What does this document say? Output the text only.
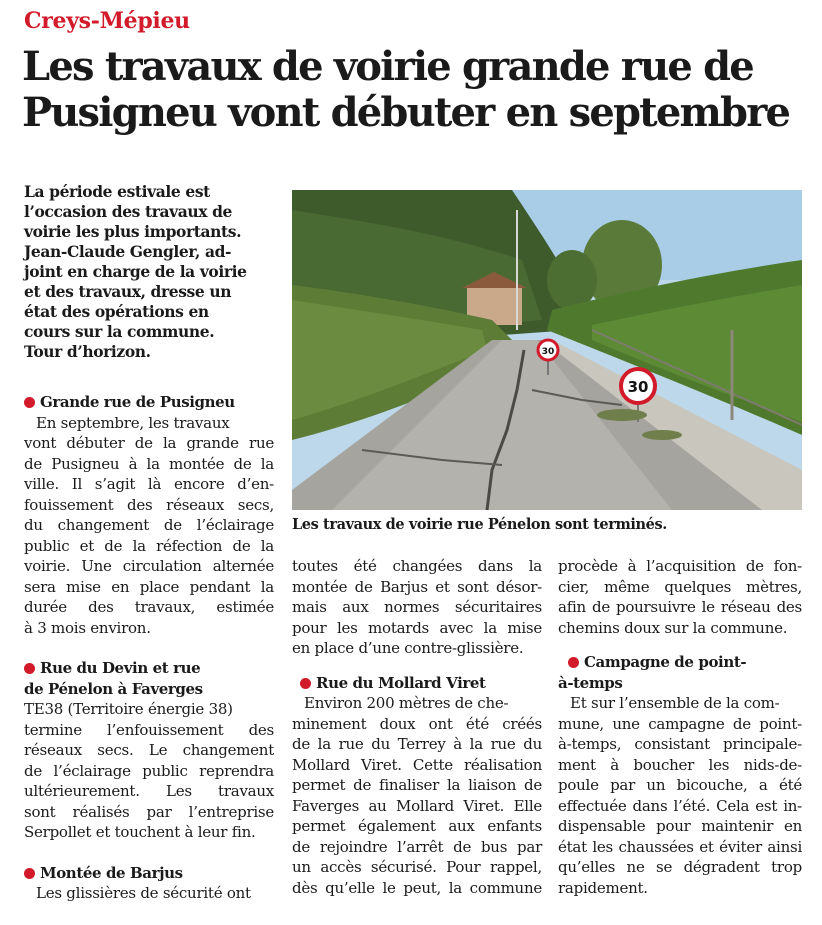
Creys-Mépieu
Les travaux de voirie grande rue de
Pusigneu vont débuter en septembre
La période estivale est
l’occasion des travaux de
voirie les plus importants.
Jean-Claude Gengler, ad-
joint en charge de la voirie
et des travaux, dresse un
état des opérations en
cours sur la commune.
Tour d’horizon.	30
30
Les travaux de voirie rue Pénelon sont terminés.
Grande rue de Pusigneu
En septembre, les travaux
vont débuter de la grande rue
de Pusigneu à la montée de la
ville. Il s’agit là encore d’en-
fouissement des réseaux secs,
du changement de l’éclairage
public et de la réfection de la
voirie. Une circulation alternée
sera mise en place pendant la
durée des travaux, estimée
à 3 mois environ.
Rue du Devin et rue
de Pénelon à Faverges
TE38 (Territoire énergie 38)
termine l’enfouissement des
réseaux secs. Le changement
de l’éclairage public reprendra
ultérieurement. Les travaux
sont réalisés par l’entreprise
Serpollet et touchent à leur fin.
Montée de Barjus
Les glissières de sécurité ont
toutes été changées dans la
montée de Barjus et sont désor-
mais aux normes sécuritaires
pour les motards avec la mise
en place d’une contre-glissière.
Rue du Mollard Viret
Environ 200 mètres de che-
minement doux ont été créés
de la rue du Terrey à la rue du
Mollard Viret. Cette réalisation
permet de finaliser la liaison de
Faverges au Mollard Viret. Elle
permet également aux enfants
de rejoindre l’arrêt de bus par
un accès sécurisé. Pour rappel,
dès qu’elle le peut, la commune
procède à l’acquisition de fon-
cier, même quelques mètres,
afin de poursuivre le réseau des
chemins doux sur la commune.
Campagne de point-
à-temps
Et sur l’ensemble de la com-
mune, une campagne de point-
à-temps, consistant principale-
ment à boucher les nids-de-
poule par un bicouche, a été
effectuée dans l’été. Cela est in-
dispensable pour maintenir en
état les chaussées et éviter ainsi
qu’elles ne se dégradent trop
rapidement.
